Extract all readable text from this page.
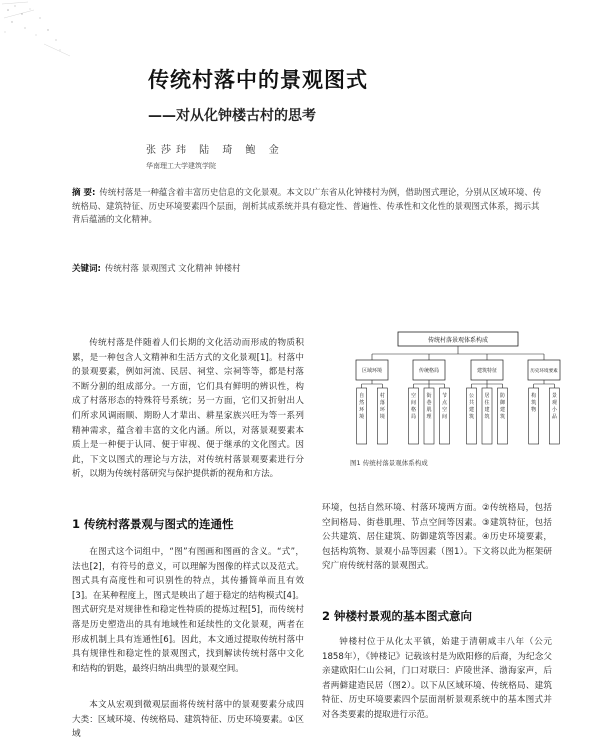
传统村落中的景观图式
——对从化钟楼古村的思考
张莎玮 陆 琦 鲍 金
华南理工大学建筑学院
摘 要: 传统村落是一种蕴含着丰富历史信息的文化景观。本文以广东省从化钟楼村为例，借助图式理论，分别从区域环境、传统格局、建筑特征、历史环境要素四个层面，剖析其成系统并具有稳定性、普遍性、传承性和文化性的景观图式体系，揭示其背后蕴涵的文化精神。
关键词: 传统村落 景观图式 文化精神 钟楼村

传统村落是伴随着人们长期的文化活动而形成的物质积累，是一种包含人文精神和生活方式的文化景观[1]。村落中的景观要素，例如河流、民居、祠堂、宗祠等等，都是村落不断分割的组成部分。一方面，它们具有鲜明的辨识性，构成了村落形态的特殊符号系统；另一方面，它们又折射出人们所求风调雨顺、期盼人才辈出、耕星家族兴旺为等一系列精神需求，蕴含着丰富的文化内涵。所以，对落景观要素本质上是一种便于认同、便于审视、便于继承的文化图式。因此，下文以图式的理论与方法，对传统村落景观要素进行分析，以期为传统村落研究与保护提供新的视角和方法。

1 传统村落景观与图式的连通性

在图式这个词组中，“图”有图画和图画的含义。“式”，法也[2]，有符号的意义，可以理解为图像的样式以及范式。图式具有高度性和可识别性的特点，其传播简单而且有效[3]。在某种程度上，图式是映出了超于稳定的结构模式[4]。图式研究是对规律性和稳定性特质的提炼过程[5]，而传统村落是历史塑造出的具有地域性和延续性的文化景观，两者在形成机制上具有连通性[6]。因此，本文通过提取传统村落中具有规律性和稳定性的景观图式，找到解读传统村落中文化和结构的钥匙，最终归纳出典型的景观空间。

本文从宏观到微观层面将传统村落中的景观要素分成四大类：区域环境、传统格局、建筑特征、历史环境要素。①区域

传统村落景观体系构成
区域环境	传统格局	建筑特征	历史环境要素
自然环境
村落环境
空间格局
街巷肌理
节点空间
公共建筑
居住建筑
防御建筑
构筑物
景观小品
图1 传统村落景观体系构成

环境，包括自然环境、村落环境两方面。②传统格局，包括空间格局、街巷肌理、节点空间等因素。③建筑特征，包括公共建筑、居住建筑、防御建筑等因素。④历史环境要素，包括构筑物、景观小品等因素（图1）。下文将以此为框架研究广府传统村落的景观图式。

2 钟楼村景观的基本图式意向

钟楼村位于从化太平镇，始建于清朝咸丰八年（公元1858年），《钟楼记》记载该村是为欧阳修的后裔，为纪念父亲建欧阳仁山公祠，门口对联曰：庐陵世泽、渤海家声，后者两僻建造民居（图2）。以下从区域环境、传统格局、建筑特征、历史环境要素四个层面剖析景观系统中的基本图式并对各类要素的提取进行示范。
